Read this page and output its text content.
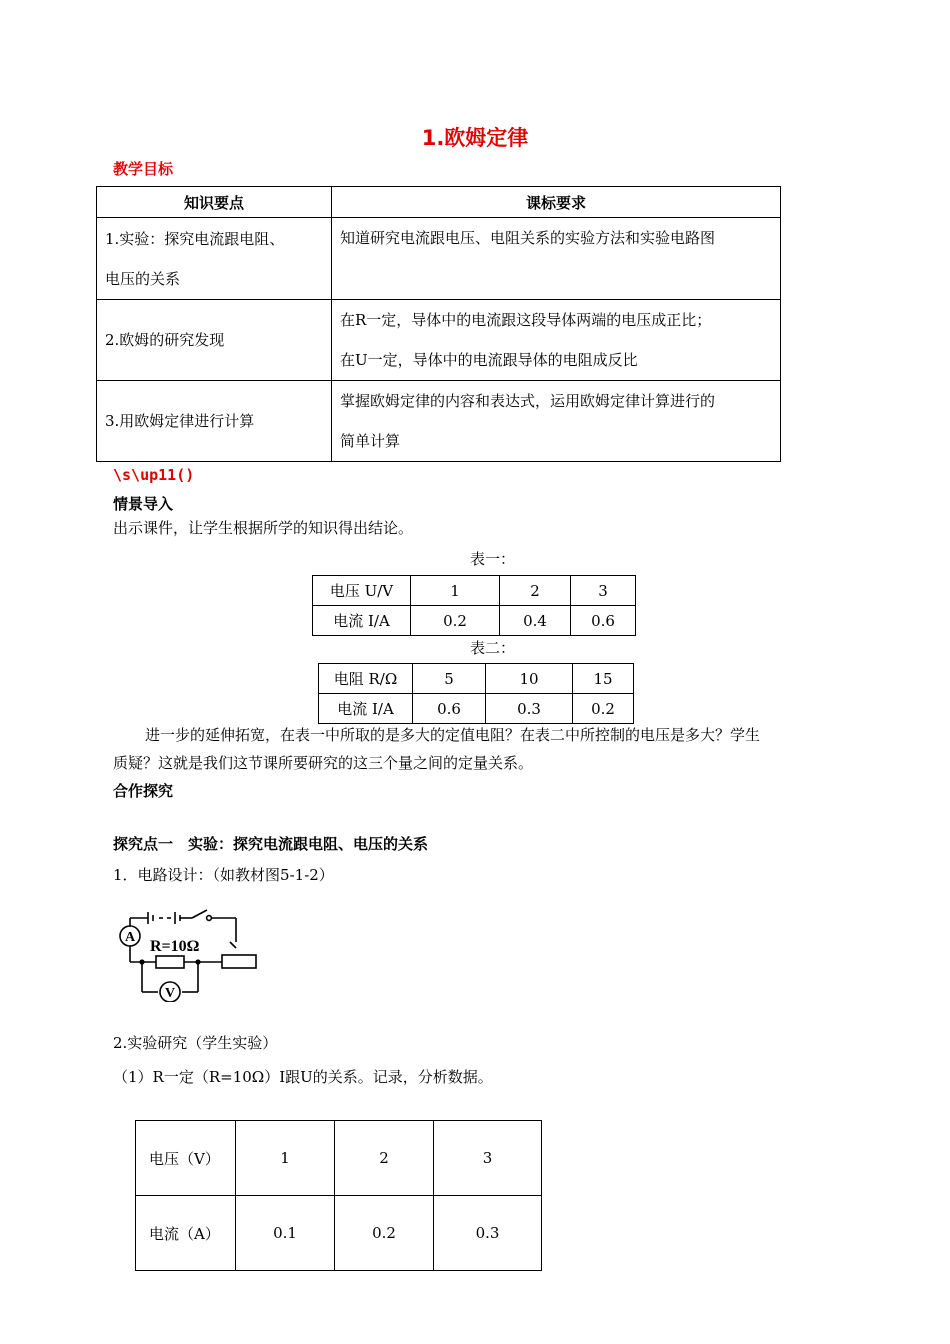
1.欧姆定律
教学目标
知识要点	课标要求

1.实验：探究电流跟电阻、
电压的关系	知道研究电流跟电压、电阻关系的实验方法和实验电路图

2.欧姆的研究发现	在R一定，导体中的电流跟这段导体两端的电压成正比；
在U一定，导体中的电流跟导体的电阻成反比

3.用欧姆定律进行计算	掌握欧姆定律的内容和表达式，运用欧姆定律计算进行的
简单计算
\s\up11()
情景导入
出示课件，让学生根据所学的知识得出结论。
表一：
电压 U/V	1	2	3
电流 I/A	0.2	0.4	0.6
表二：
电阻 R/Ω	5	10	15
电流 I/A	0.6	0.3	0.2
进一步的延伸拓宽，在表一中所取的是多大的定值电阻？在表二中所控制的电压是多大？学生
质疑？这就是我们这节课所要研究的这三个量之间的定量关系。
合作探究
探究点一　实验：探究电流跟电阻、电压的关系
1．电路设计：（如教材图5-1-2）
A
V
R=10Ω
2.实验研究（学生实验）
（1）R一定（R=10Ω）I跟U的关系。记录，分析数据。
电压（V）	1	2	3
电流（A）	0.1	0.2	0.3
